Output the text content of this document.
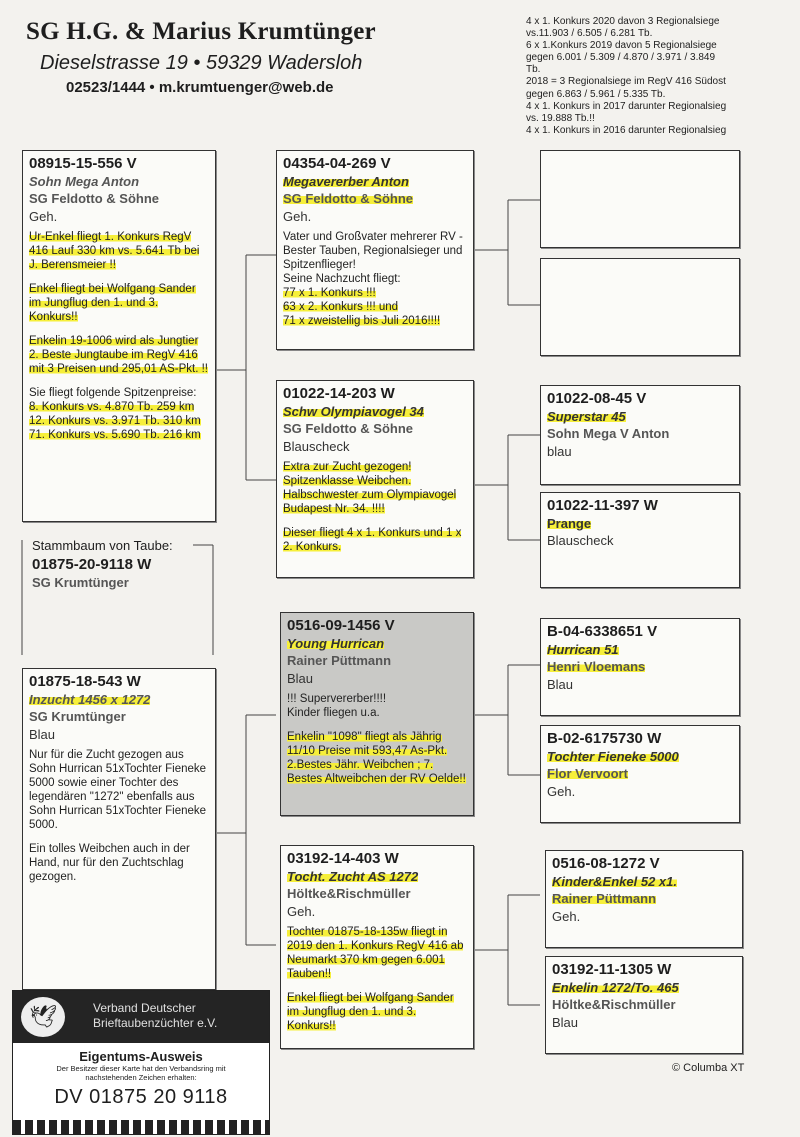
SG H.G. & Marius Krumtünger
Dieselstrasse 19 • 59329 Wadersloh
02523/1444 • m.krumtuenger@web.de
4 x 1. Konkurs 2020 davon 3 Regionalsiege
vs.11.903 / 6.505 / 6.281 Tb.
6 x 1.Konkurs 2019 davon 5 Regionalsiege
gegen 6.001 / 5.309 / 4.870 / 3.971 / 3.849
Tb.
2018 = 3 Regionalsiege im RegV 416 Südost
gegen 6.863 / 5.961 / 5.335 Tb.
4 x 1. Konkurs in 2017 darunter Regionalsieg
vs. 19.888 Tb.!!
4 x 1. Konkurs in 2016 darunter Regionalsieg
08915-15-556 V
Sohn Mega Anton
SG Feldotto & Söhne
Geh.

Ur-Enkel fliegt 1. Konkurs RegV 416 Lauf 330 km vs. 5.641 Tb bei J. Berensmeier !!

Enkel fliegt bei Wolfgang Sander im Jungflug den 1. und 3. Konkurs!!

Enkelin 19-1006 wird als Jungtier 2. Beste Jungtaube im RegV 416 mit 3 Preisen und 295,01 AS-Pkt. !!

Sie fliegt folgende Spitzenpreise:
8. Konkurs vs. 4.870 Tb. 259 km
12. Konkurs vs. 3.971 Tb. 310 km
71. Konkurs vs. 5.690 Tb. 216 km
Stammbaum von Taube:
01875-20-9118 W
SG Krumtünger
01875-18-543 W
Inzucht 1456 x 1272
SG Krumtünger
Blau

Nur für die Zucht gezogen aus Sohn Hurrican 51xTochter Fieneke 5000 sowie einer Tochter des legendären "1272" ebenfalls aus Sohn Hurrican 51xTochter Fieneke 5000.

Ein tolles Weibchen auch in der Hand, nur für den Zuchtschlag gezogen.

04354-04-269 V
Megavererber Anton
SG Feldotto & Söhne
Geh.
Vater und Großvater mehrerer RV - Bester Tauben, Regionalsieger und Spitzenflieger!
Seine Nachzucht fliegt:
77 x 1. Konkurs !!!
63 x 2. Konkurs !!! und
71 x zweistellig bis Juli 2016!!!!
01022-14-203 W
Schw Olympiavogel 34
SG Feldotto & Söhne
Blauscheck

Extra zur Zucht gezogen! Spitzenklasse Weibchen. Halbschwester zum Olympiavogel Budapest Nr. 34. !!!!

Dieser fliegt 4 x 1. Konkurs und 1 x 2. Konkurs.

0516-09-1456 V
Young Hurrican
Rainer Püttmann
Blau
!!! Supervererber!!!!

Kinder fliegen u.a.

Enkelin "1098" fliegt als Jährig 11/10 Preise mit 593,47 As-Pkt. 2.Bestes Jähr. Weibchen ; 7. Bestes Altweibchen der RV Oelde!!
03192-14-403 W
Tocht. Zucht AS 1272
Höltke&Rischmüller
Geh.

Tochter 01875-18-135w fliegt in 2019 den 1. Konkurs RegV 416 ab Neumarkt 370 km gegen 6.001 Tauben!!

Enkel fliegt bei Wolfgang Sander im Jungflug den 1. und 3. Konkurs!!

01022-08-45 V
Superstar 45
Sohn Mega V Anton
blau
01022-11-397 W
Prange
Blauscheck
B-04-6338651 V
Hurrican 51
Henri Vloemans
Blau
B-02-6175730 W
Tochter Fieneke 5000
Flor Vervoort
Geh.
0516-08-1272 V
Kinder&Enkel 52 x1.
Rainer Püttmann
Geh.
03192-11-1305 W
Enkelin 1272/To. 465
Höltke&Rischmüller
Blau
© Columba XT
🕊	Verband Deutscher
Brieftaubenzüchter e.V.
Eigentums-Ausweis
Der Besitzer dieser Karte hat den Verbandsring mit nachstehenden Zeichen erhalten:
DV 01875 20 9118
